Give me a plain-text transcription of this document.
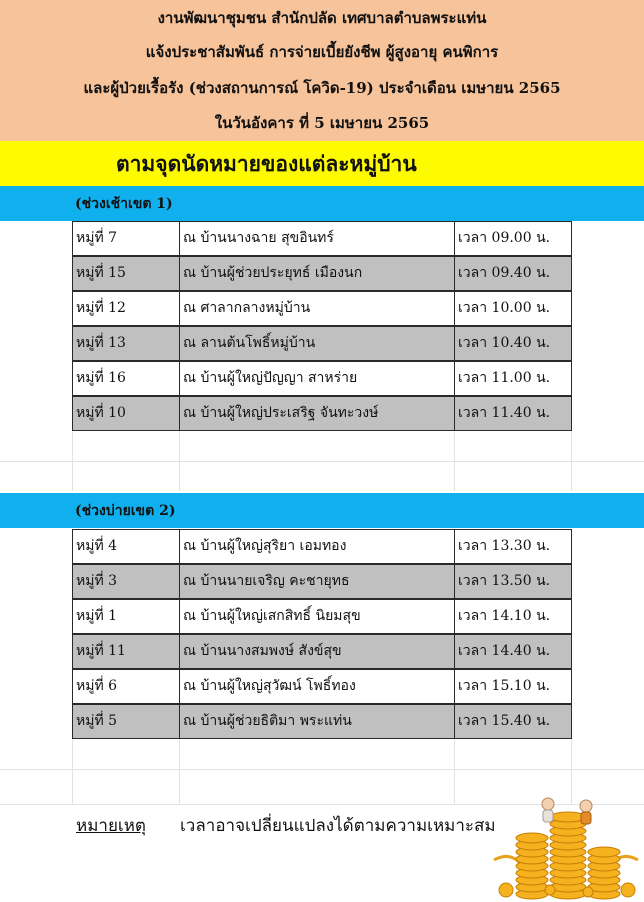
งานพัฒนาชุมชน สำนักปลัด เทศบาลตำบลพระแท่น
แจ้งประชาสัมพันธ์ การจ่ายเบี้ยยังชีพ ผู้สูงอายุ คนพิการ
และผู้ป่วยเรื้อรัง (ช่วงสถานการณ์ โควิด-19) ประจำเดือน เมษายน 2565
ในวันอังคาร ที่ 5 เมษายน 2565
ตามจุดนัดหมายของแต่ละหมู่บ้าน
(ช่วงเช้าเขต 1)
หมู่ที่ 7	ณ บ้านนางฉาย สุขอินทร์	เวลา 09.00 น.
หมู่ที่ 15	ณ บ้านผู้ช่วยประยุทธ์ เมืองนก	เวลา 09.40 น.
หมู่ที่ 12	ณ ศาลากลางหมู่บ้าน	เวลา 10.00 น.
หมู่ที่ 13	ณ ลานต้นโพธิ์หมู่บ้าน	เวลา 10.40 น.
หมู่ที่ 16	ณ บ้านผู้ใหญ่ปัญญา สาหร่าย	เวลา 11.00 น.
หมู่ที่ 10	ณ บ้านผู้ใหญ่ประเสริฐ จันทะวงษ์	เวลา 11.40 น.
(ช่วงบ่ายเขต 2)
หมู่ที่ 4	ณ บ้านผู้ใหญ่สุริยา เอมทอง	เวลา 13.30 น.
หมู่ที่ 3	ณ บ้านนายเจริญ คะชายุทธ	เวลา 13.50 น.
หมู่ที่ 1	ณ บ้านผู้ใหญ่เสกสิทธิ์ นิยมสุข	เวลา 14.10 น.
หมู่ที่ 11	ณ บ้านนางสมพงษ์ สังข์สุข	เวลา 14.40 น.
หมู่ที่ 6	ณ บ้านผู้ใหญ่สุวัฒน์ โพธิ์ทอง	เวลา 15.10 น.
หมู่ที่ 5	ณ บ้านผู้ช่วยธิติมา พระแท่น	เวลา 15.40 น.
หมายเหตุ เวลาอาจเปลี่ยนแปลงได้ตามความเหมาะสม
